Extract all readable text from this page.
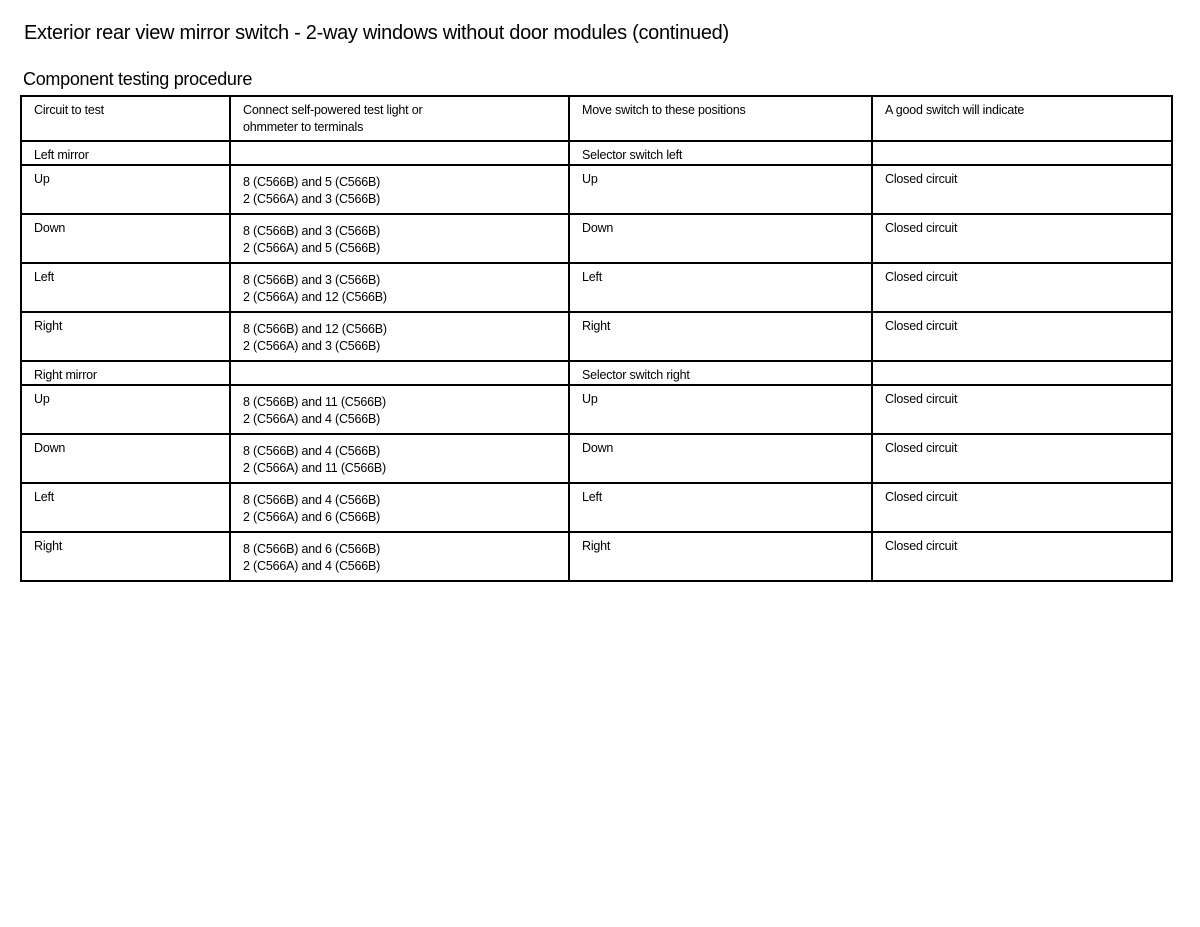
Exterior rear view mirror switch - 2-way windows without door modules (continued)
Component testing procedure
Circuit to test	Connect self-powered test light or
ohmmeter to terminals	Move switch to these positions	A good switch will indicate

Left mirror		Selector switch left	
Up	8 (C566B) and 5 (C566B)
2 (C566A) and 3 (C566B)	Up	Closed circuit
Down	8 (C566B) and 3 (C566B)
2 (C566A) and 5 (C566B)	Down	Closed circuit
Left	8 (C566B) and 3 (C566B)
2 (C566A) and 12 (C566B)	Left	Closed circuit
Right	8 (C566B) and 12 (C566B)
2 (C566A) and 3 (C566B)	Right	Closed circuit
Right mirror		Selector switch right	
Up	8 (C566B) and 11 (C566B)
2 (C566A) and 4 (C566B)	Up	Closed circuit
Down	8 (C566B) and 4 (C566B)
2 (C566A) and 11 (C566B)	Down	Closed circuit
Left	8 (C566B) and 4 (C566B)
2 (C566A) and 6 (C566B)	Left	Closed circuit
Right	8 (C566B) and 6 (C566B)
2 (C566A) and 4 (C566B)	Right	Closed circuit
